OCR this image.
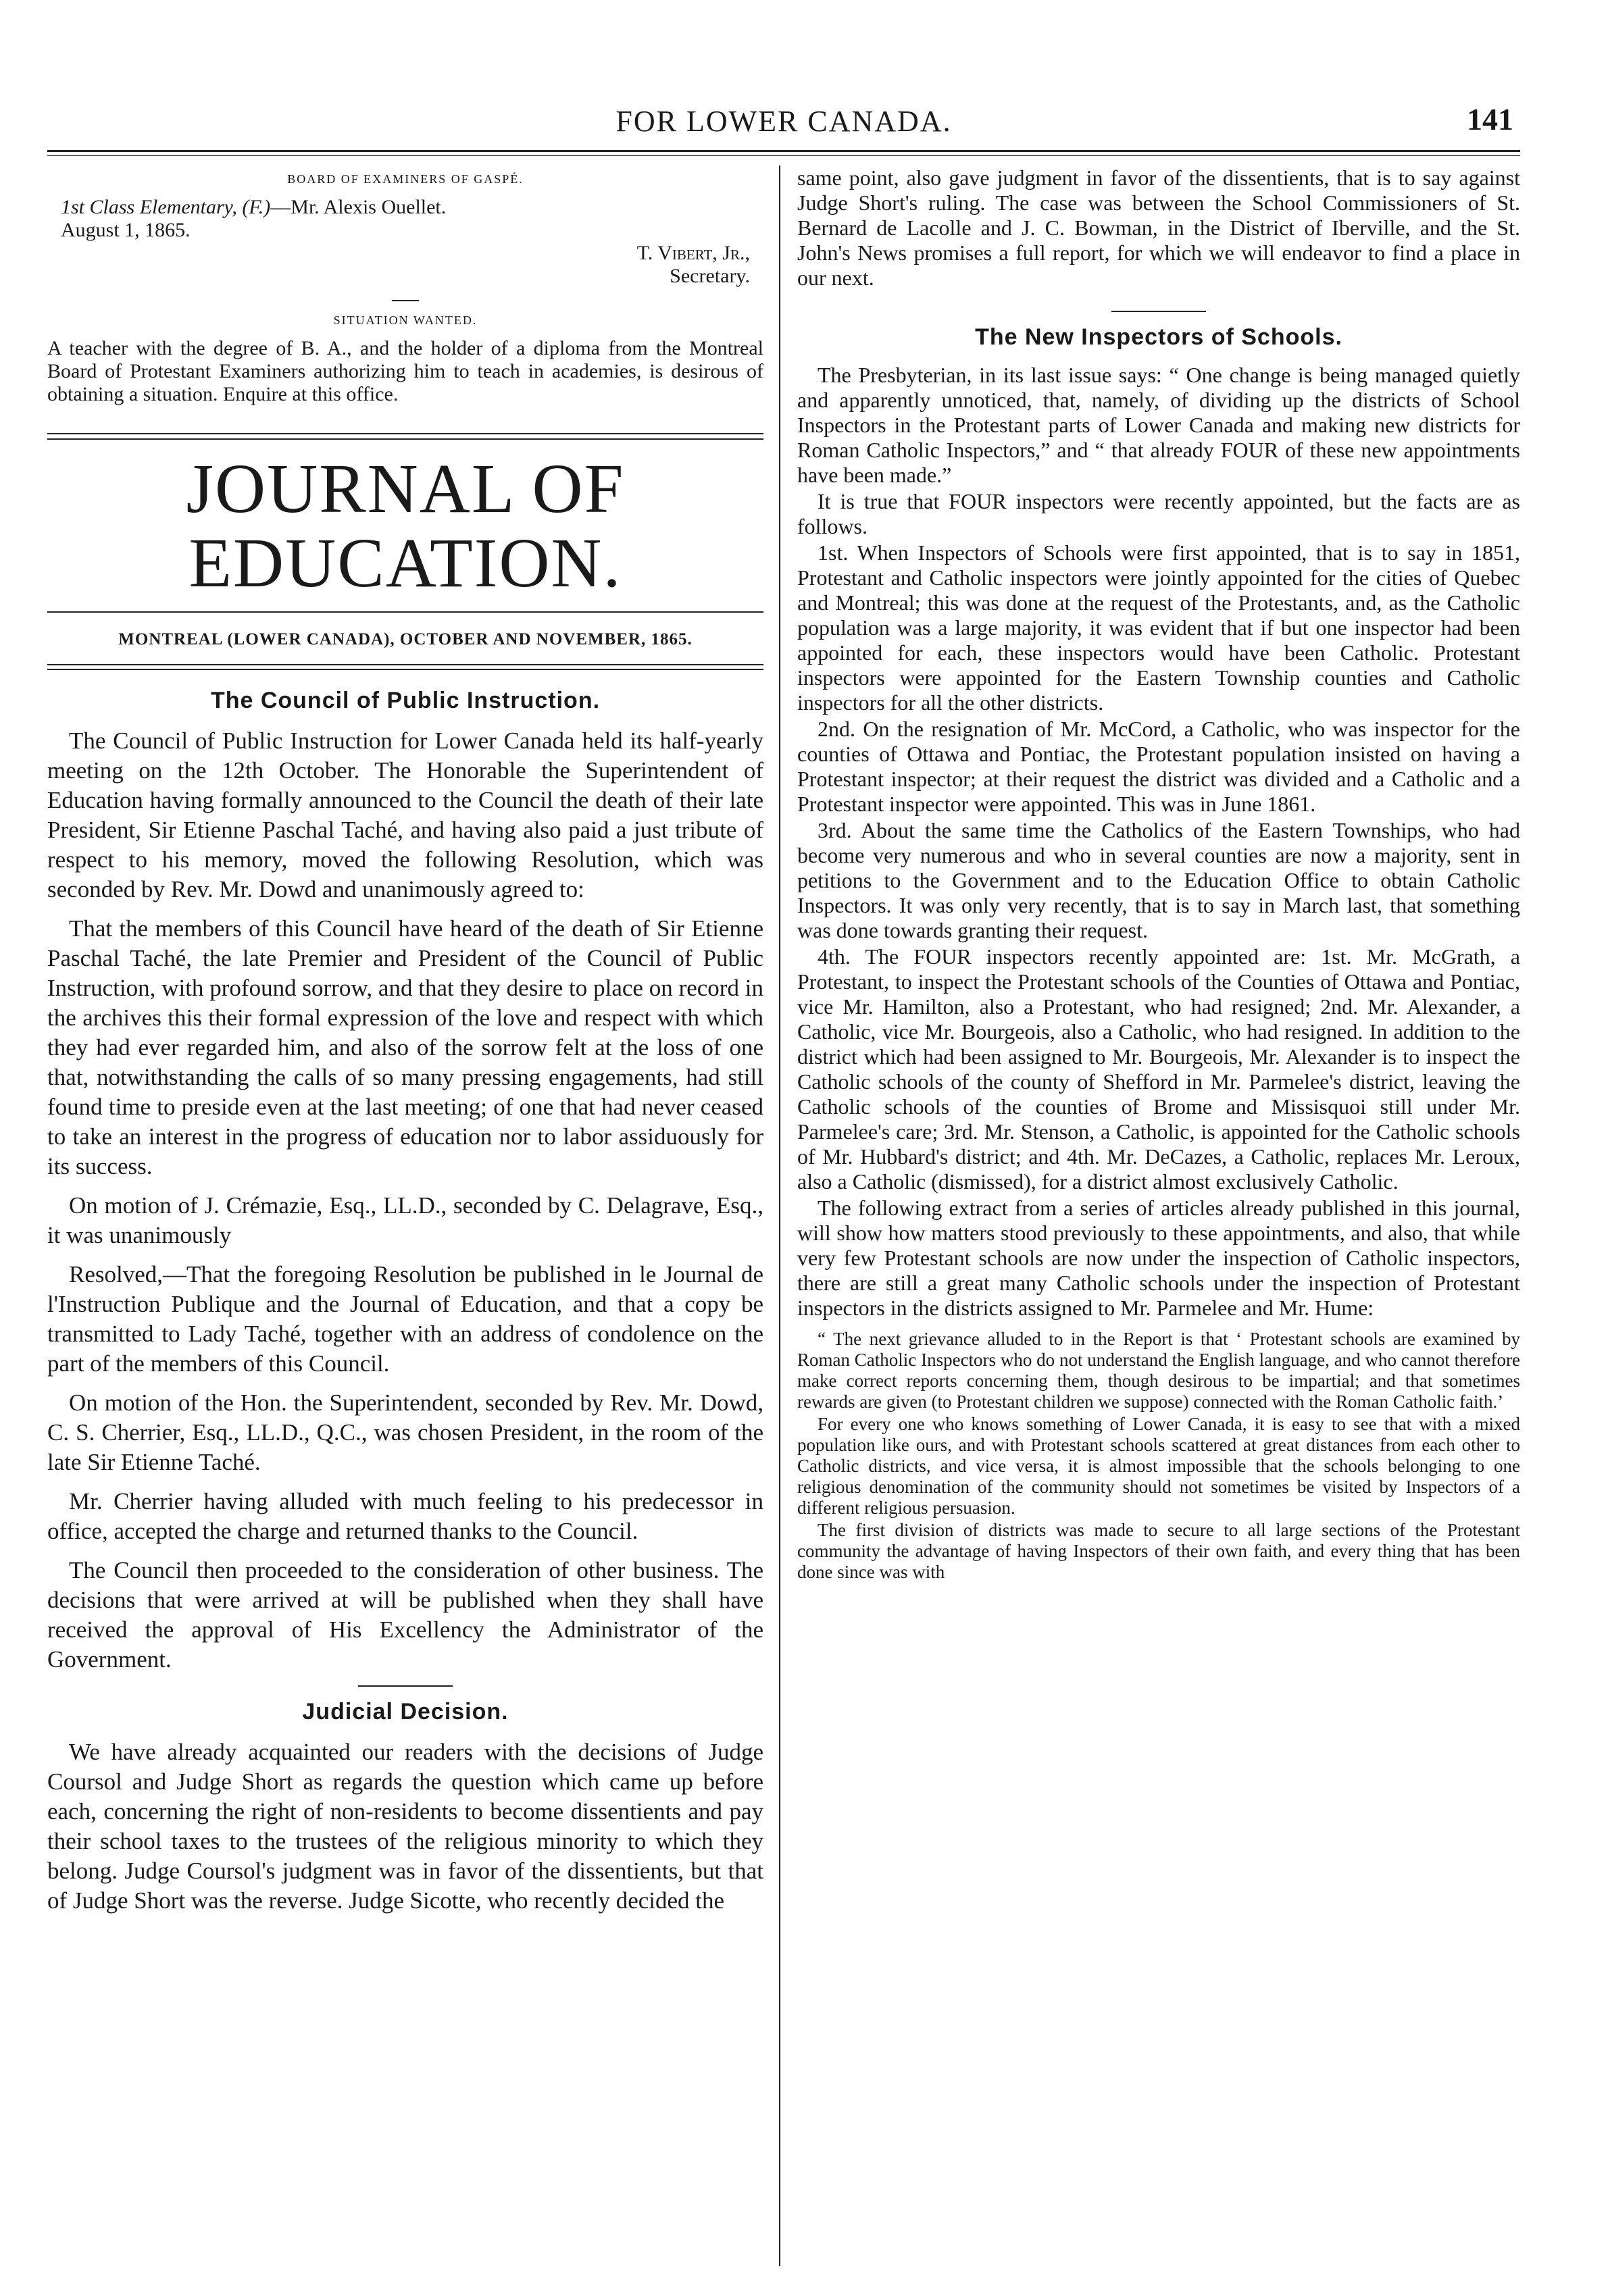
FOR LOWER CANADA.	141
BOARD OF EXAMINERS OF GASPÉ.
1st Class Elementary, (F.)—Mr. Alexis Ouellet.
August 1, 1865.
T. Vibert, Jr.,
Secretary.
SITUATION WANTED.

A teacher with the degree of B. A., and the holder of a diploma from the Montreal Board of Protestant Examiners authorizing him to teach in academies, is desirous of obtaining a situation. Enquire at this office.

JOURNAL OF EDUCATION.
MONTREAL (LOWER CANADA), OCTOBER AND NOVEMBER, 1865.
The Council of Public Instruction.

The Council of Public Instruction for Lower Canada held its half-yearly meeting on the 12th October. The Honorable the Superintendent of Education having formally announced to the Council the death of their late President, Sir Etienne Paschal Taché, and having also paid a just tribute of respect to his memory, moved the following Resolution, which was seconded by Rev. Mr. Dowd and unanimously agreed to:

That the members of this Council have heard of the death of Sir Etienne Paschal Taché, the late Premier and President of the Council of Public Instruction, with profound sorrow, and that they desire to place on record in the archives this their formal expression of the love and respect with which they had ever regarded him, and also of the sorrow felt at the loss of one that, notwithstanding the calls of so many pressing engagements, had still found time to preside even at the last meeting; of one that had never ceased to take an interest in the progress of education nor to labor assiduously for its success.

On motion of J. Crémazie, Esq., LL.D., seconded by C. Delagrave, Esq., it was unanimously

Resolved,—That the foregoing Resolution be published in le Journal de l'Instruction Publique and the Journal of Education, and that a copy be transmitted to Lady Taché, together with an address of condolence on the part of the members of this Council.

On motion of the Hon. the Superintendent, seconded by Rev. Mr. Dowd, C. S. Cherrier, Esq., LL.D., Q.C., was chosen President, in the room of the late Sir Etienne Taché.

Mr. Cherrier having alluded with much feeling to his predecessor in office, accepted the charge and returned thanks to the Council.

The Council then proceeded to the consideration of other business. The decisions that were arrived at will be published when they shall have received the approval of His Excellency the Administrator of the Government.

Judicial Decision.

We have already acquainted our readers with the decisions of Judge Coursol and Judge Short as regards the question which came up before each, concerning the right of non-residents to become dissentients and pay their school taxes to the trustees of the religious minority to which they belong. Judge Coursol's judgment was in favor of the dissentients, but that of Judge Short was the reverse. Judge Sicotte, who recently decided the

same point, also gave judgment in favor of the dissentients, that is to say against Judge Short's ruling. The case was between the School Commissioners of St. Bernard de Lacolle and J. C. Bowman, in the District of Iberville, and the St. John's News promises a full report, for which we will endeavor to find a place in our next.

The New Inspectors of Schools.

The Presbyterian, in its last issue says: “ One change is being managed quietly and apparently unnoticed, that, namely, of dividing up the districts of School Inspectors in the Protestant parts of Lower Canada and making new districts for Roman Catholic Inspectors,” and “ that already FOUR of these new appointments have been made.”

It is true that FOUR inspectors were recently appointed, but the facts are as follows.

1st. When Inspectors of Schools were first appointed, that is to say in 1851, Protestant and Catholic inspectors were jointly appointed for the cities of Quebec and Montreal; this was done at the request of the Protestants, and, as the Catholic population was a large majority, it was evident that if but one inspector had been appointed for each, these inspectors would have been Catholic. Protestant inspectors were appointed for the Eastern Township counties and Catholic inspectors for all the other districts.

2nd. On the resignation of Mr. McCord, a Catholic, who was inspector for the counties of Ottawa and Pontiac, the Protestant population insisted on having a Protestant inspector; at their request the district was divided and a Catholic and a Protestant inspector were appointed. This was in June 1861.

3rd. About the same time the Catholics of the Eastern Townships, who had become very numerous and who in several counties are now a majority, sent in petitions to the Government and to the Education Office to obtain Catholic Inspectors. It was only very recently, that is to say in March last, that something was done towards granting their request.

4th. The FOUR inspectors recently appointed are: 1st. Mr. McGrath, a Protestant, to inspect the Protestant schools of the Counties of Ottawa and Pontiac, vice Mr. Hamilton, also a Protestant, who had resigned; 2nd. Mr. Alexander, a Catholic, vice Mr. Bourgeois, also a Catholic, who had resigned. In addition to the district which had been assigned to Mr. Bourgeois, Mr. Alexander is to inspect the Catholic schools of the county of Shefford in Mr. Parmelee's district, leaving the Catholic schools of the counties of Brome and Missisquoi still under Mr. Parmelee's care; 3rd. Mr. Stenson, a Catholic, is appointed for the Catholic schools of Mr. Hubbard's district; and 4th. Mr. DeCazes, a Catholic, replaces Mr. Leroux, also a Catholic (dismissed), for a district almost exclusively Catholic.

The following extract from a series of articles already published in this journal, will show how matters stood previously to these appointments, and also, that while very few Protestant schools are now under the inspection of Catholic inspectors, there are still a great many Catholic schools under the inspection of Protestant inspectors in the districts assigned to Mr. Parmelee and Mr. Hume:

“ The next grievance alluded to in the Report is that ‘ Protestant schools are examined by Roman Catholic Inspectors who do not understand the English language, and who cannot therefore make correct reports concerning them, though desirous to be impartial; and that sometimes rewards are given (to Protestant children we suppose) connected with the Roman Catholic faith.’

For every one who knows something of Lower Canada, it is easy to see that with a mixed population like ours, and with Protestant schools scattered at great distances from each other to Catholic districts, and vice versa, it is almost impossible that the schools belonging to one religious denomination of the community should not sometimes be visited by Inspectors of a different religious persuasion.

The first division of districts was made to secure to all large sections of the Protestant community the advantage of having Inspectors of their own faith, and every thing that has been done since was with
